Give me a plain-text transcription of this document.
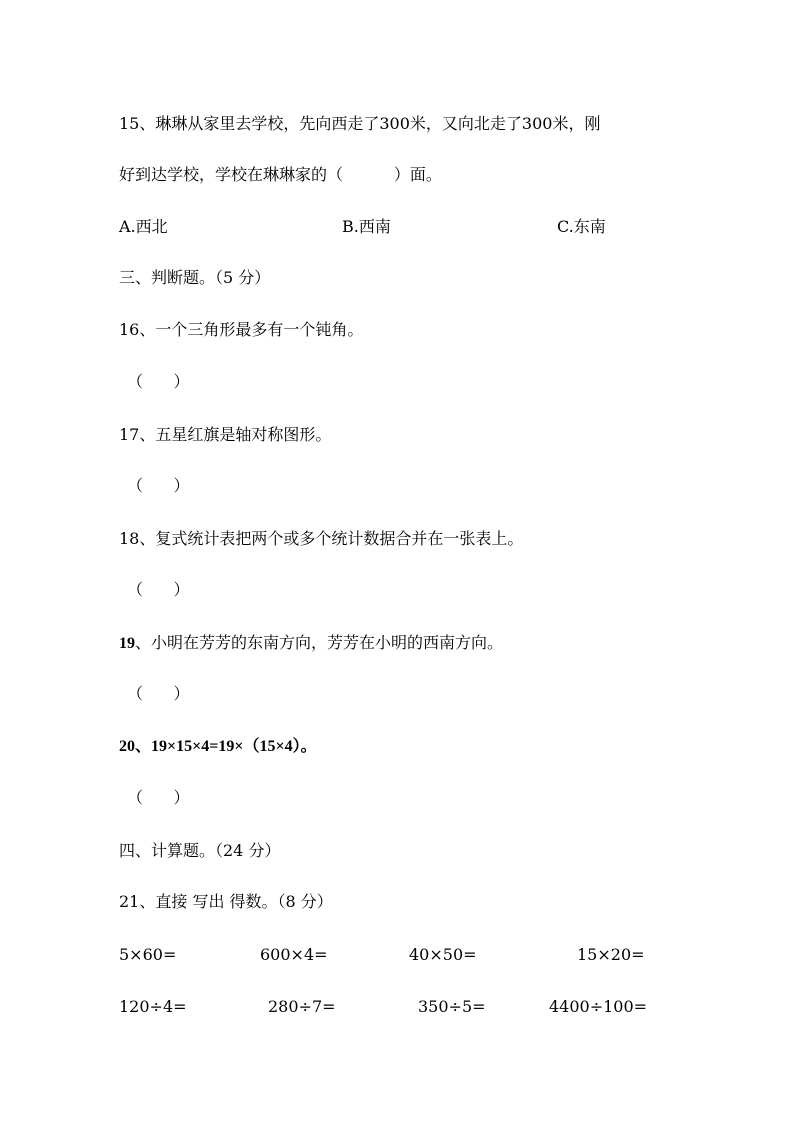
15、琳琳从家里去学校，先向西走了300米，又向北走了300米，刚
好到达学校，学校在琳琳家的（          ）面。
A.西北	B.西南	C.东南
三、判断题。（5 分）
16、一个三角形最多有一个钝角。
（      ）
17、五星红旗是轴对称图形。
（      ）
18、复式统计表把两个或多个统计数据合并在一张表上。
（      ）
19、小明在芳芳的东南方向，芳芳在小明的西南方向。
（      ）
20、19×15×4=19×（15×4）。
（      ）
四、计算题。（24 分）
21、直接 写出 得数。（8 分）
5×60=	600×4=	40×50=	15×20=
120÷4=	280÷7=	350÷5=	4400÷100=
